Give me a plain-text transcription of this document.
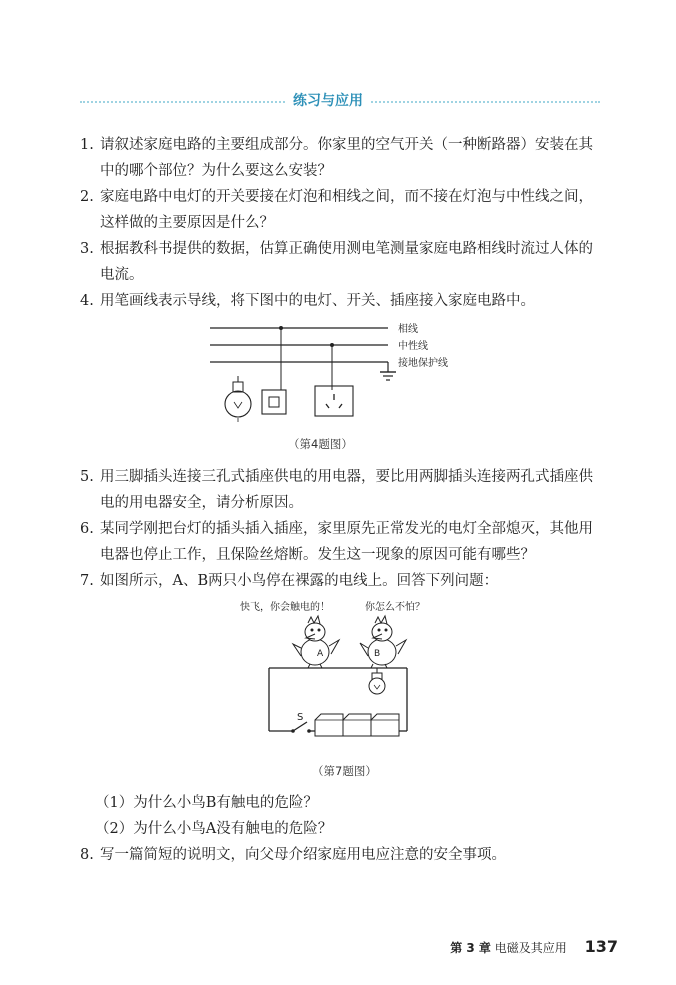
练习与应用
1. 请叙述家庭电路的主要组成部分。你家里的空气开关（一种断路器）安装在其
中的哪个部位？为什么要这么安装？
2. 家庭电路中电灯的开关要接在灯泡和相线之间，而不接在灯泡与中性线之间，
这样做的主要原因是什么？
3. 根据教科书提供的数据，估算正确使用测电笔测量家庭电路相线时流过人体的
电流。
4. 用笔画线表示导线，将下图中的电灯、开关、插座接入家庭电路中。
相线
中性线
接地保护线
（第4题图）
5. 用三脚插头连接三孔式插座供电的用电器，要比用两脚插头连接两孔式插座供
电的用电器安全，请分析原因。
6. 某同学刚把台灯的插头插入插座，家里原先正常发光的电灯全部熄灭，其他用
电器也停止工作，且保险丝熔断。发生这一现象的原因可能有哪些？
7. 如图所示，A、B两只小鸟停在裸露的电线上。回答下列问题：
快飞，你会触电的！	你怎么不怕？
S
A	B
（第7题图）
（1）为什么小鸟B有触电的危险？
（2）为什么小鸟A没有触电的危险？
8. 写一篇简短的说明文，向父母介绍家庭用电应注意的安全事项。
第 3 章 电磁及其应用 137
